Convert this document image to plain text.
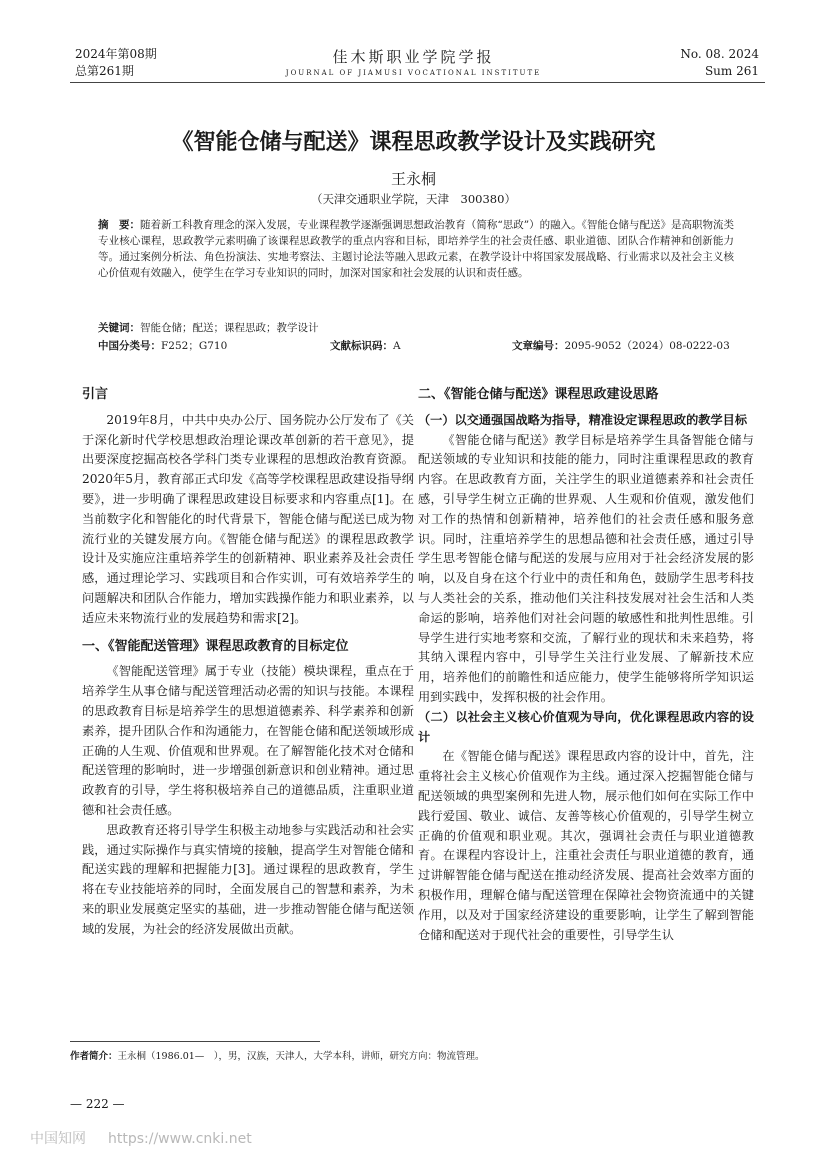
2024年第08期
总第261期
佳木斯职业学院学报
JOURNAL OF JIAMUSI VOCATIONAL INSTITUTE
No. 08. 2024
Sum 261
《智能仓储与配送》课程思政教学设计及实践研究
王永桐
（天津交通职业学院，天津　300380）
摘　要：随着新工科教育理念的深入发展，专业课程教学逐渐强调思想政治教育（简称“思政”）的融入。《智能仓储与配送》是高职物流类专业核心课程，思政教学元素明确了该课程思政教学的重点内容和目标，即培养学生的社会责任感、职业道德、团队合作精神和创新能力等。通过案例分析法、角色扮演法、实地考察法、主题讨论法等融入思政元素，在教学设计中将国家发展战略、行业需求以及社会主义核心价值观有效融入，使学生在学习专业知识的同时，加深对国家和社会发展的认识和责任感。
关键词：智能仓储；配送；课程思政；教学设计
中国分类号：F252；G710	文献标识码：A	文章编号：2095-9052（2024）08-0222-03
引言

2019年8月，中共中央办公厅、国务院办公厅发布了《关于深化新时代学校思想政治理论课改革创新的若干意见》，提出要深度挖掘高校各学科门类专业课程的思想政治教育资源。2020年5月，教育部正式印发《高等学校课程思政建设指导纲要》，进一步明确了课程思政建设目标要求和内容重点[1]。在当前数字化和智能化的时代背景下，智能仓储与配送已成为物流行业的关键发展方向。《智能仓储与配送》的课程思政教学设计及实施应注重培养学生的创新精神、职业素养及社会责任感，通过理论学习、实践项目和合作实训，可有效培养学生的问题解决和团队合作能力，增加实践操作能力和职业素养，以适应未来物流行业的发展趋势和需求[2]。

一、《智能配送管理》课程思政教育的目标定位

《智能配送管理》属于专业（技能）模块课程，重点在于培养学生从事仓储与配送管理活动必需的知识与技能。本课程的思政教育目标是培养学生的思想道德素养、科学素养和创新素养，提升团队合作和沟通能力，在智能仓储和配送领域形成正确的人生观、价值观和世界观。在了解智能化技术对仓储和配送管理的影响时，进一步增强创新意识和创业精神。通过思政教育的引导，学生将积极培养自己的道德品质，注重职业道德和社会责任感。

思政教育还将引导学生积极主动地参与实践活动和社会实践，通过实际操作与真实情境的接触，提高学生对智能仓储和配送实践的理解和把握能力[3]。通过课程的思政教育，学生将在专业技能培养的同时，全面发展自己的智慧和素养，为未来的职业发展奠定坚实的基础，进一步推动智能仓储与配送领域的发展，为社会的经济发展做出贡献。

二、《智能仓储与配送》课程思政建设思路
（一）以交通强国战略为指导，精准设定课程思政的教学目标

《智能仓储与配送》教学目标是培养学生具备智能仓储与配送领域的专业知识和技能的能力，同时注重课程思政的教育内容。在思政教育方面，关注学生的职业道德素养和社会责任感，引导学生树立正确的世界观、人生观和价值观，激发他们对工作的热情和创新精神，培养他们的社会责任感和服务意识。同时，注重培养学生的思想品德和社会责任感，通过引导学生思考智能仓储与配送的发展与应用对于社会经济发展的影响，以及自身在这个行业中的责任和角色，鼓励学生思考科技与人类社会的关系，推动他们关注科技发展对社会生活和人类命运的影响，培养他们对社会问题的敏感性和批判性思维。引导学生进行实地考察和交流，了解行业的现状和未来趋势，将其纳入课程内容中，引导学生关注行业发展、了解新技术应用，培养他们的前瞻性和适应能力，使学生能够将所学知识运用到实践中，发挥积极的社会作用。

（二）以社会主义核心价值观为导向，优化课程思政内容的设计

在《智能仓储与配送》课程思政内容的设计中，首先，注重将社会主义核心价值观作为主线。通过深入挖掘智能仓储与配送领域的典型案例和先进人物，展示他们如何在实际工作中践行爱国、敬业、诚信、友善等核心价值观的，引导学生树立正确的价值观和职业观。其次，强调社会责任与职业道德教育。在课程内容设计上，注重社会责任与职业道德的教育，通过讲解智能仓储与配送在推动经济发展、提高社会效率方面的积极作用，理解仓储与配送管理在保障社会物资流通中的关键作用，以及对于国家经济建设的重要影响，让学生了解到智能仓储和配送对于现代社会的重要性，引导学生认

作者简介：王永桐（1986.01—　），男，汉族，天津人，大学本科，讲师，研究方向：物流管理。
— 222 —
中国知网 https://www.cnki.net
